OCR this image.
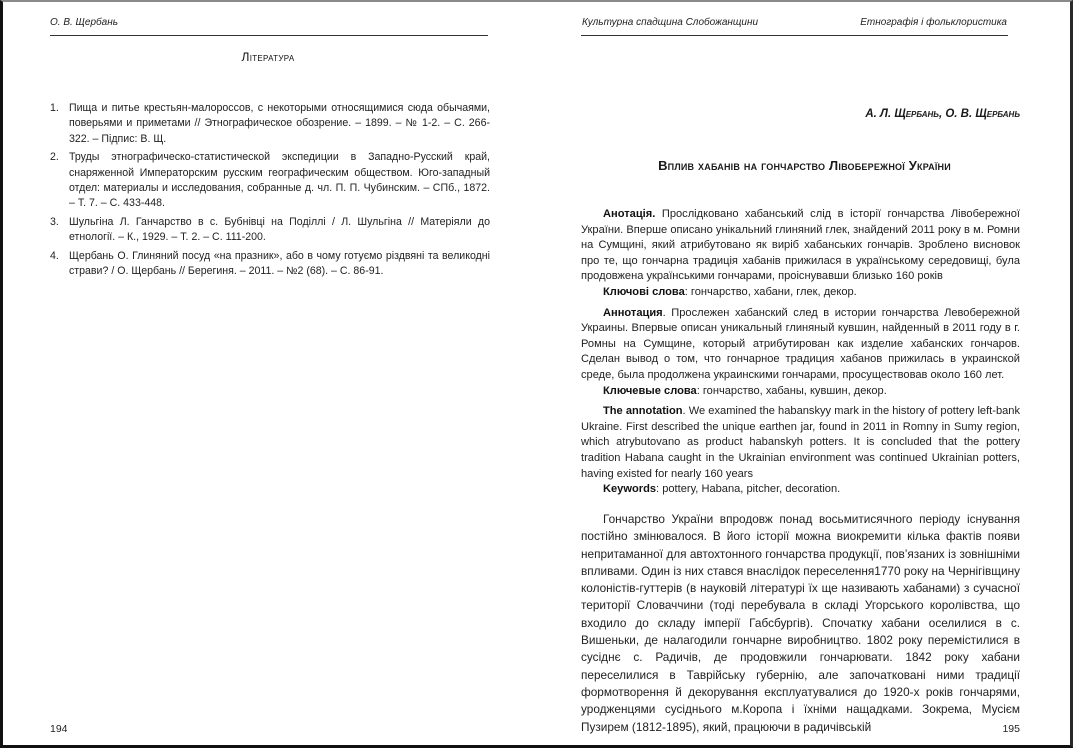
О. В. Щербань
Література
1. Пища и питье крестьян-малороссов, с некоторыми относящимися сюда обычаями, поверьями и приметами // Этнографическое обозрение. – 1899. – № 1-2. – С. 266-322. – Підпис: В. Щ.
2. Труды этнографическо-статистической экспедиции в Западно-Русский край, снаряженной Императорским русским географическим обществом. Юго-западный отдел: материалы и исследования, собранные д. чл. П. П. Чубинским. – СПб., 1872. – Т. 7. – С. 433-448.
3. Шульгіна Л. Ганчарство в с. Бубнівці на Поділлі / Л. Шульгіна // Матеріяли до етнології. – К., 1929. – Т. 2. – С. 111-200.
4. Щербань О. Глиняний посуд «на празник», або в чому готуємо різдвяні та великодні страви? / О. Щербань // Берегиня. – 2011. – №2 (68). – С. 86-91.
194
Культурна спадщина Слобожанщини	Етнографія і фольклористика
А. Л. Щербань, О. В. Щербань
Вплив хабанів на гончарство Лівобережної України

Анотація. Прослідковано хабанський слід в історії гончарства Лівобережної України. Вперше описано унікальний глиняний глек, знайдений 2011 року в м. Ромни на Сумщині, який атрибутовано як виріб хабанських гончарів. Зроблено висновок про те, що гончарна традиція хабанів прижилася в українському середовищі, була продовжена українськими гончарами, проіснувавши близько 160 років

Ключові слова: гончарство, хабани, глек, декор.

Аннотация. Прослежен хабанский след в истории гончарства Левобережной Украины. Впервые описан уникальный глиняный кувшин, найденный в 2011 году в г. Ромны на Сумщине, который атрибутирован как изделие хабанских гончаров. Сделан вывод о том, что гончарное традиция хабанов прижилась в украинской среде, была продолжена украинскими гончарами, просуществовав около 160 лет.

Ключевые слова: гончарство, хабаны, кувшин, декор.

The annotation. We examined the habanskyy mark in the history of pottery left-bank Ukraine. First described the unique earthen jar, found in 2011 in Romny in Sumy region, which atrybutovano as product habanskyh potters. It is concluded that the pottery tradition Habana caught in the Ukrainian environment was continued Ukrainian potters, having existed for nearly 160 years

Keywords: pottery, Habana, pitcher, decoration.

Гончарство України впродовж понад восьмитисячного періоду існування постійно змінювалося. В його історії можна виокремити кілька фактів появи непритаманної для автохтонного гончарства продукції, пов’язаних із зовнішніми впливами. Один із них стався внаслідок переселення1770 року на Чернігівщину колоністів-гуттерів (в науковій літературі їх ще називають хабанами) з сучасної території Словаччини (тоді перебувала в складі Угорського королівства, що входило до складу імперії Габсбургів). Спочатку хабани оселилися в с. Вишеньки, де налагодили гончарне виробництво. 1802 року перемістилися в сусіднє с. Радичів, де продовжили гончарювати. 1842 року хабани переселилися в Таврійську губернію, але започатковані ними традиції формотворення й декорування експлуатувалися до 1920-х років гончарями, уродженцями сусіднього м.Коропа і їхніми нащадками. Зокрема, Мусієм Пузирем (1812-1895), який, працюючи в радичівській	195
